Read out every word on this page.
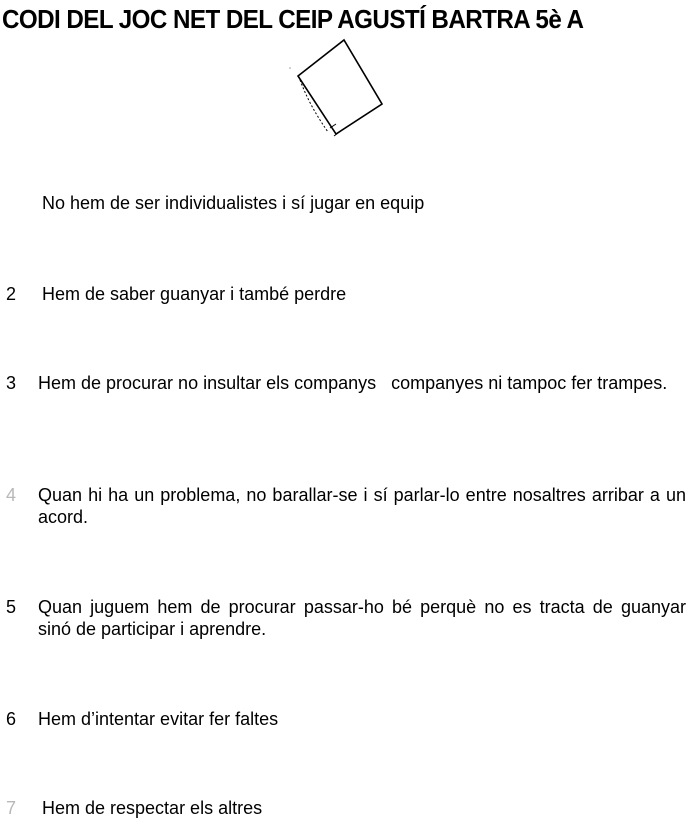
CODI DEL JOC NET DEL CEIP AGUSTÍ BARTRA 5è A
No hem de ser individualistes i sí jugar en equip
2	Hem de saber guanyar i també perdre
3	Hem de procurar no insultar els companys   companyes ni tampoc fer trampes.
4	Quan hi ha un problema, no barallar-se i sí parlar-lo entre nosaltres arribar a un acord.
5	Quan juguem hem de procurar passar-ho bé perquè no es tracta de guanyar sinó de participar i aprendre.
6	Hem d’intentar evitar fer faltes
7	Hem de respectar els altres
